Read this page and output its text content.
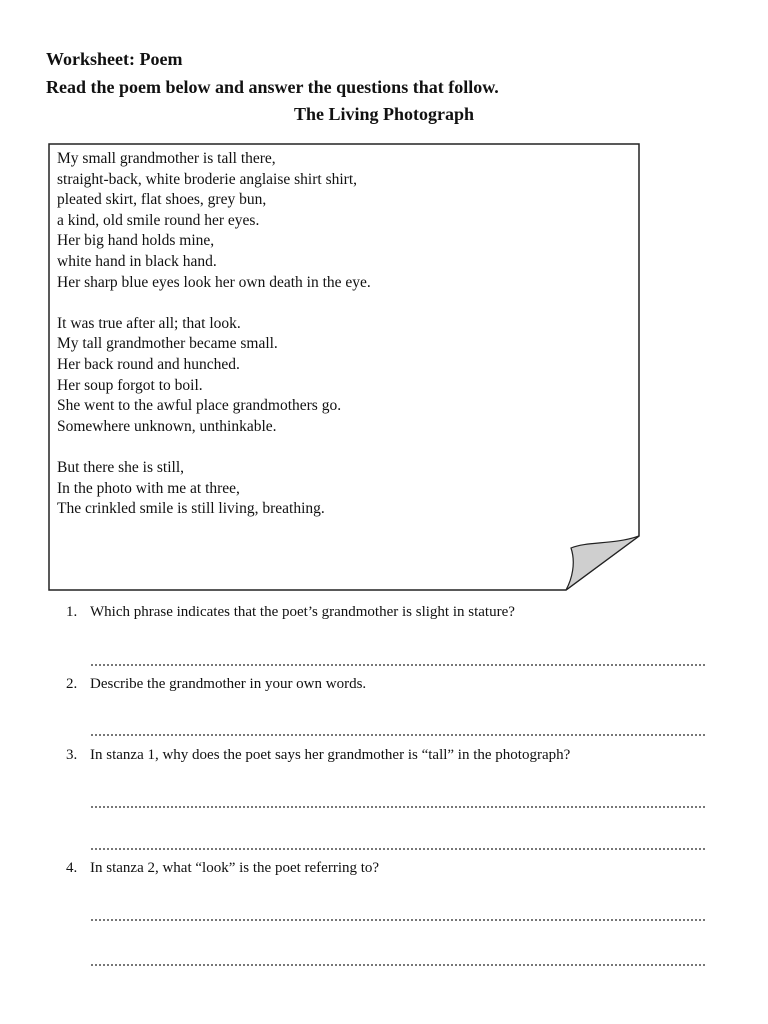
Worksheet: Poem
Read the poem below and answer the questions that follow.
The Living Photograph
My small grandmother is tall there,
straight-back, white broderie anglaise shirt shirt,
pleated skirt, flat shoes, grey bun,
a kind, old smile round her eyes.
Her big hand holds mine,
white hand in black hand.
Her sharp blue eyes look her own death in the eye.
It was true after all; that look.
My tall grandmother became small.
Her back round and hunched.
Her soup forgot to boil.
She went to the awful place grandmothers go.
Somewhere unknown, unthinkable.
But there she is still,
In the photo with me at three,
The crinkled smile is still living, breathing.
1. Which phrase indicates that the poet’s grandmother is slight in stature?
2. Describe the grandmother in your own words.
3. In stanza 1, why does the poet says her grandmother is “tall” in the photograph?
4. In stanza 2, what “look” is the poet referring to?
